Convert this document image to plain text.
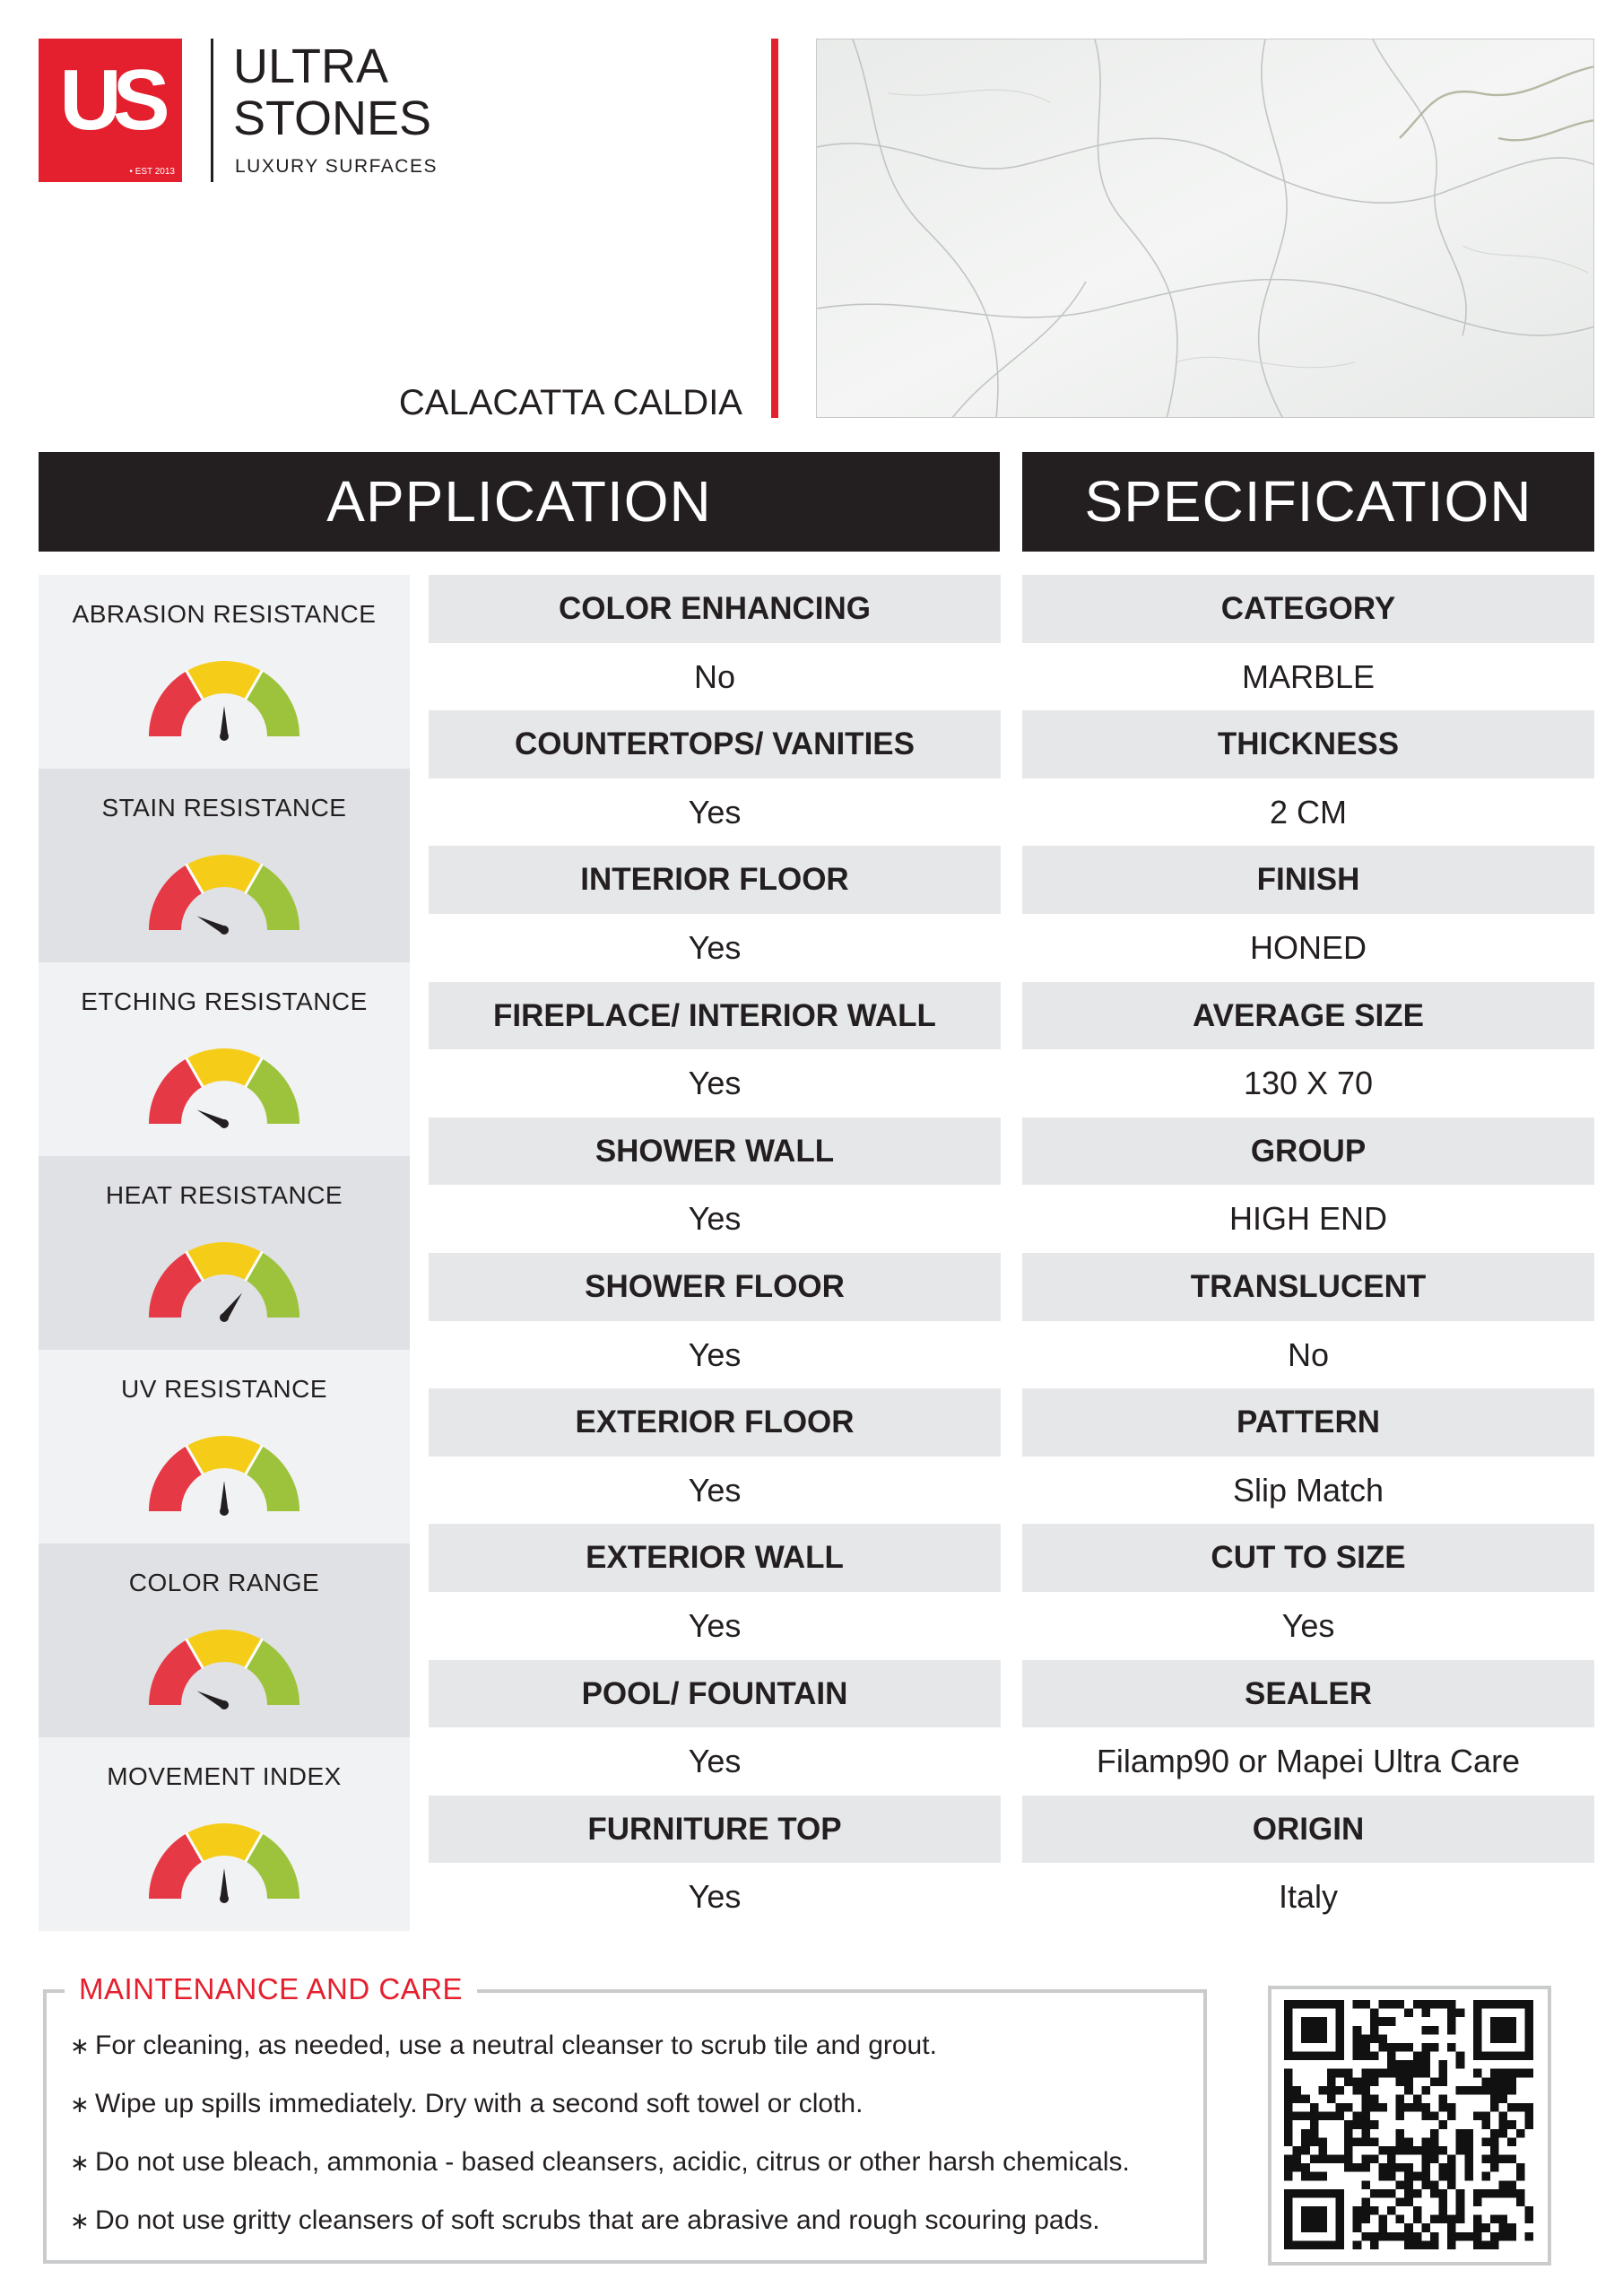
US
• EST 2013
ULTRA
STONES
LUXURY SURFACES
CALACATTA CALDIA
APPLICATION	SPECIFICATION
ABRASION RESISTANCE
STAIN RESISTANCE
ETCHING RESISTANCE
HEAT RESISTANCE
UV RESISTANCE
COLOR RANGE
MOVEMENT INDEX
COLOR ENHANCING
No
COUNTERTOPS/ VANITIES
Yes
INTERIOR FLOOR
Yes
FIREPLACE/ INTERIOR WALL
Yes
SHOWER WALL
Yes
SHOWER FLOOR
Yes
EXTERIOR FLOOR
Yes
EXTERIOR WALL
Yes
POOL/ FOUNTAIN
Yes
FURNITURE TOP
Yes
CATEGORY
MARBLE
THICKNESS
2 CM
FINISH
HONED
AVERAGE SIZE
130 X 70
GROUP
HIGH END
TRANSLUCENT
No
PATTERN
Slip Match
CUT TO SIZE
Yes
SEALER
Filamp90 or Mapei Ultra Care
ORIGIN
Italy
MAINTENANCE AND CARE
∗ For cleaning, as needed, use a neutral cleanser to scrub tile and grout.
∗ Wipe up spills immediately. Dry with a second soft towel or cloth.
∗ Do not use bleach, ammonia - based cleansers, acidic, citrus or other harsh chemicals.
∗ Do not use gritty cleansers of soft scrubs that are abrasive and rough scouring pads.
